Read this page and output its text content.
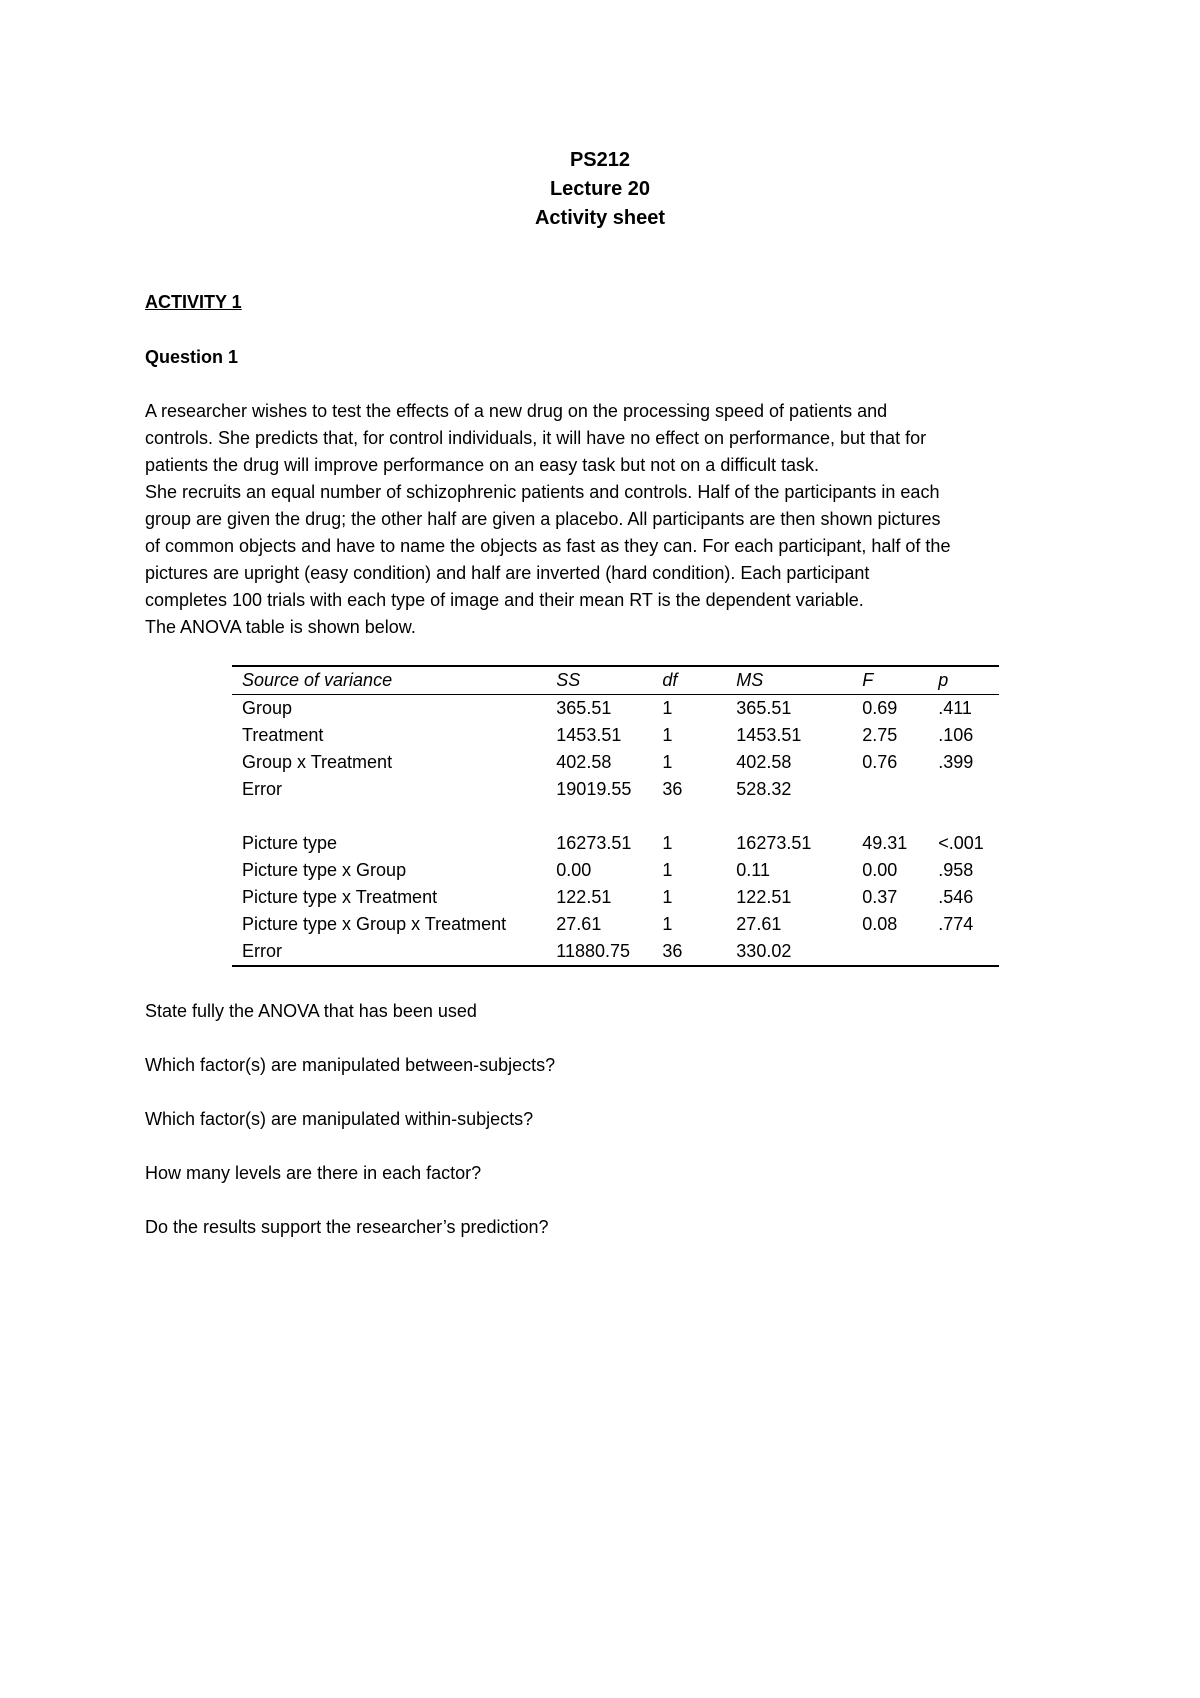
PS212
Lecture 20
Activity sheet
ACTIVITY 1
Question 1
A researcher wishes to test the effects of a new drug on the processing speed of patients and
controls. She predicts that, for control individuals, it will have no effect on performance, but that for
patients the drug will improve performance on an easy task but not on a difficult task.
She recruits an equal number of schizophrenic patients and controls. Half of the participants in each
group are given the drug; the other half are given a placebo. All participants are then shown pictures
of common objects and have to name the objects as fast as they can. For each participant, half of the
pictures are upright (easy condition) and half are inverted (hard condition). Each participant
completes 100 trials with each type of image and their mean RT is the dependent variable.
The ANOVA table is shown below.
Source of variance	SS	df	MS	F	p
Group	365.51	1	365.51	0.69	.411
Treatment	1453.51	1	1453.51	2.75	.106
Group x Treatment	402.58	1	402.58	0.76	.399
Error	19019.55	36	528.32		

Picture type	16273.51	1	16273.51	49.31	<.001
Picture type x Group	0.00	1	0.11	0.00	.958
Picture type x Treatment	122.51	1	122.51	0.37	.546
Picture type x Group x Treatment	27.61	1	27.61	0.08	.774
Error	11880.75	36	330.02		
State fully the ANOVA that has been used
Which factor(s) are manipulated between-subjects?
Which factor(s) are manipulated within-subjects?
How many levels are there in each factor?
Do the results support the researcher’s prediction?
